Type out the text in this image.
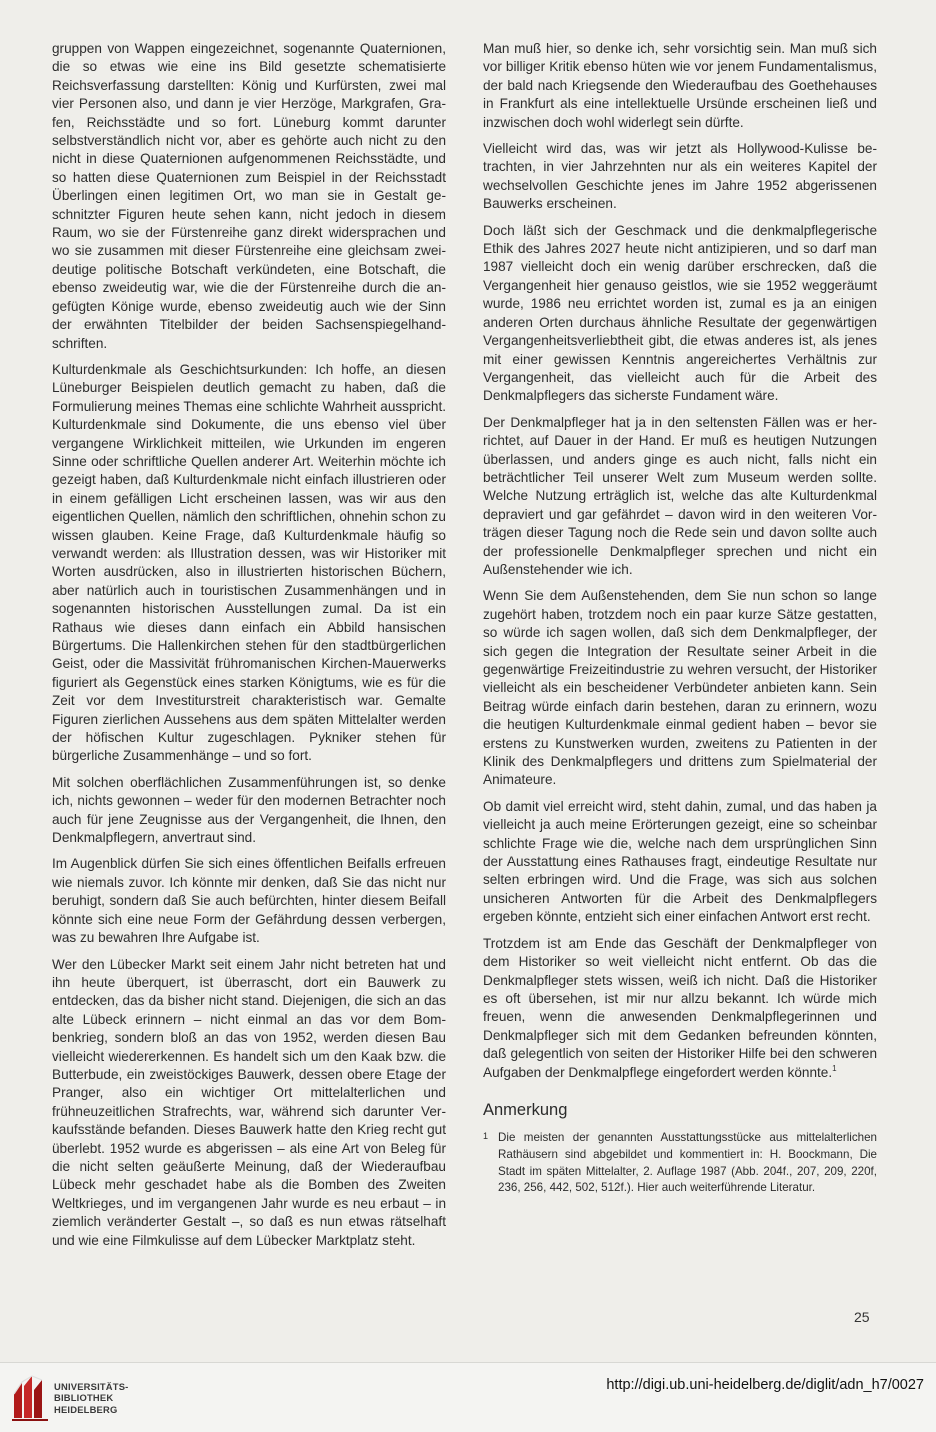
gruppen von Wappen eingezeichnet, sogenannte Quaternionen, die so etwas wie eine ins Bild gesetzte schematisierte Reichsverfassung darstellten: König und Kurfürsten, zwei mal vier Personen also, und dann je vier Herzöge, Markgrafen, Grafen, Reichsstädte und so fort. Lüneburg kommt darunter selbstverständlich nicht vor, aber es gehörte auch nicht zu den nicht in diese Quaternionen aufgenommenen Reichsstädte, und so hatten diese Quaternionen zum Beispiel in der Reichsstadt Überlingen einen legitimen Ort, wo man sie in Gestalt geschnitzter Figuren heute sehen kann, nicht jedoch in diesem Raum, wo sie der Fürstenreihe ganz direkt widersprachen und wo sie zusammen mit dieser Fürstenreihe eine gleichsam zweideutige politische Botschaft verkündeten, eine Botschaft, die ebenso zweideutig war, wie die der Fürstenreihe durch die angefügten Könige wurde, ebenso zweideutig auch wie der Sinn der erwähnten Titelbilder der beiden Sachsenspiegelhandschriften.

Kulturdenkmale als Geschichtsurkunden: Ich hoffe, an diesen Lüneburger Beispielen deutlich gemacht zu haben, daß die Formulierung meines Themas eine schlichte Wahrheit ausspricht. Kulturdenkmale sind Dokumente, die uns ebenso viel über vergangene Wirklichkeit mitteilen, wie Urkunden im engeren Sinne oder schriftliche Quellen anderer Art. Weiterhin möchte ich gezeigt haben, daß Kulturdenkmale nicht einfach illustrieren oder in einem gefälligen Licht erscheinen lassen, was wir aus den eigentlichen Quellen, nämlich den schriftlichen, ohnehin schon zu wissen glauben. Keine Frage, daß Kulturdenkmale häufig so verwandt werden: als Illustration dessen, was wir Historiker mit Worten ausdrücken, also in illustrierten historischen Büchern, aber natürlich auch in touristischen Zusammenhängen und in sogenannten historischen Ausstellungen zumal. Da ist ein Rathaus wie dieses dann einfach ein Abbild hansischen Bürgertums. Die Hallenkirchen stehen für den stadtbürgerlichen Geist, oder die Massivität frühromanischen Kirchen-Mauerwerks figuriert als Gegenstück eines starken Königtums, wie es für die Zeit vor dem Investiturstreit charakteristisch war. Gemalte Figuren zierlichen Aussehens aus dem späten Mittelalter werden der höfischen Kultur zugeschlagen. Pykniker stehen für bürgerliche Zusammenhänge – und so fort.

Mit solchen oberflächlichen Zusammenführungen ist, so denke ich, nichts gewonnen – weder für den modernen Betrachter noch auch für jene Zeugnisse aus der Vergangenheit, die Ihnen, den Denkmalpflegern, anvertraut sind.

Im Augenblick dürfen Sie sich eines öffentlichen Beifalls erfreuen wie niemals zuvor. Ich könnte mir denken, daß Sie das nicht nur beruhigt, sondern daß Sie auch befürchten, hinter diesem Beifall könnte sich eine neue Form der Gefährdung dessen verbergen, was zu bewahren Ihre Aufgabe ist.

Wer den Lübecker Markt seit einem Jahr nicht betreten hat und ihn heute überquert, ist überrascht, dort ein Bauwerk zu entdecken, das da bisher nicht stand. Diejenigen, die sich an das alte Lübeck erinnern – nicht einmal an das vor dem Bombenkrieg, sondern bloß an das von 1952, werden diesen Bau vielleicht wiedererkennen. Es handelt sich um den Kaak bzw. die Butterbude, ein zweistöckiges Bauwerk, dessen obere Etage der Pranger, also ein wichtiger Ort mittelalterlichen und frühneuzeitlichen Strafrechts, war, während sich darunter Verkaufsstände befanden. Dieses Bauwerk hatte den Krieg recht gut überlebt. 1952 wurde es abgerissen – als eine Art von Beleg für die nicht selten geäußerte Meinung, daß der Wiederaufbau Lübeck mehr geschadet habe als die Bomben des Zweiten Weltkrieges, und im vergangenen Jahr wurde es neu erbaut – in ziemlich veränderter Gestalt –, so daß es nun etwas rätselhaft und wie eine Filmkulisse auf dem Lübecker Marktplatz steht.

Man muß hier, so denke ich, sehr vorsichtig sein. Man muß sich vor billiger Kritik ebenso hüten wie vor jenem Fundamentalismus, der bald nach Kriegsende den Wiederaufbau des Goethehauses in Frankfurt als eine intellektuelle Ursünde erscheinen ließ und inzwischen doch wohl widerlegt sein dürfte.

Vielleicht wird das, was wir jetzt als Hollywood-Kulisse betrachten, in vier Jahrzehnten nur als ein weiteres Kapitel der wechselvollen Geschichte jenes im Jahre 1952 abgerissenen Bauwerks erscheinen.

Doch läßt sich der Geschmack und die denkmalpflegerische Ethik des Jahres 2027 heute nicht antizipieren, und so darf man 1987 vielleicht doch ein wenig darüber erschrecken, daß die Vergangenheit hier genauso geistlos, wie sie 1952 weggeräumt wurde, 1986 neu errichtet worden ist, zumal es ja an einigen anderen Orten durchaus ähnliche Resultate der gegenwärtigen Vergangenheitsverliebtheit gibt, die etwas anderes ist, als jenes mit einer gewissen Kenntnis angereichertes Verhältnis zur Vergangenheit, das vielleicht auch für die Arbeit des Denkmalpflegers das sicherste Fundament wäre.

Der Denkmalpfleger hat ja in den seltensten Fällen was er herrichtet, auf Dauer in der Hand. Er muß es heutigen Nutzungen überlassen, und anders ginge es auch nicht, falls nicht ein beträchtlicher Teil unserer Welt zum Museum werden sollte. Welche Nutzung erträglich ist, welche das alte Kulturdenkmal depraviert und gar gefährdet – davon wird in den weiteren Vorträgen dieser Tagung noch die Rede sein und davon sollte auch der professionelle Denkmalpfleger sprechen und nicht ein Außenstehender wie ich.

Wenn Sie dem Außenstehenden, dem Sie nun schon so lange zugehört haben, trotzdem noch ein paar kurze Sätze gestatten, so würde ich sagen wollen, daß sich dem Denkmalpfleger, der sich gegen die Integration der Resultate seiner Arbeit in die gegenwärtige Freizeitindustrie zu wehren versucht, der Historiker vielleicht als ein bescheidener Verbündeter anbieten kann. Sein Beitrag würde einfach darin bestehen, daran zu erinnern, wozu die heutigen Kulturdenkmale einmal gedient haben – bevor sie erstens zu Kunstwerken wurden, zweitens zu Patienten in der Klinik des Denkmalpflegers und drittens zum Spielmaterial der Animateure.

Ob damit viel erreicht wird, steht dahin, zumal, und das haben ja vielleicht ja auch meine Erörterungen gezeigt, eine so scheinbar schlichte Frage wie die, welche nach dem ursprünglichen Sinn der Ausstattung eines Rathauses fragt, eindeutige Resultate nur selten erbringen wird. Und die Frage, was sich aus solchen unsicheren Antworten für die Arbeit des Denkmalpflegers ergeben könnte, entzieht sich einer einfachen Antwort erst recht.

Trotzdem ist am Ende das Geschäft der Denkmalpfleger von dem Historiker so weit vielleicht nicht entfernt. Ob das die Denkmalpfleger stets wissen, weiß ich nicht. Daß die Historiker es oft übersehen, ist mir nur allzu bekannt. Ich würde mich freuen, wenn die anwesenden Denkmalpflegerinnen und Denkmalpfleger sich mit dem Gedanken befreunden könnten, daß gelegentlich von seiten der Historiker Hilfe bei den schweren Aufgaben der Denkmalpflege eingefordert werden könnte.$^1$

Anmerkung
1 Die meisten der genannten Ausstattungsstücke aus mittelalterlichen Rathäusern sind abgebildet und kommentiert in: H. Boockmann, Die Stadt im späten Mittelalter, 2. Auflage 1987 (Abb. 204f., 207, 209, 220f, 236, 256, 442, 502, 512f.). Hier auch weiterführende Literatur.
25
UNIVERSITÄTS-
BIBLIOTHEK
HEIDELBERG
http://digi.ub.uni-heidelberg.de/diglit/adn_h7/0027
